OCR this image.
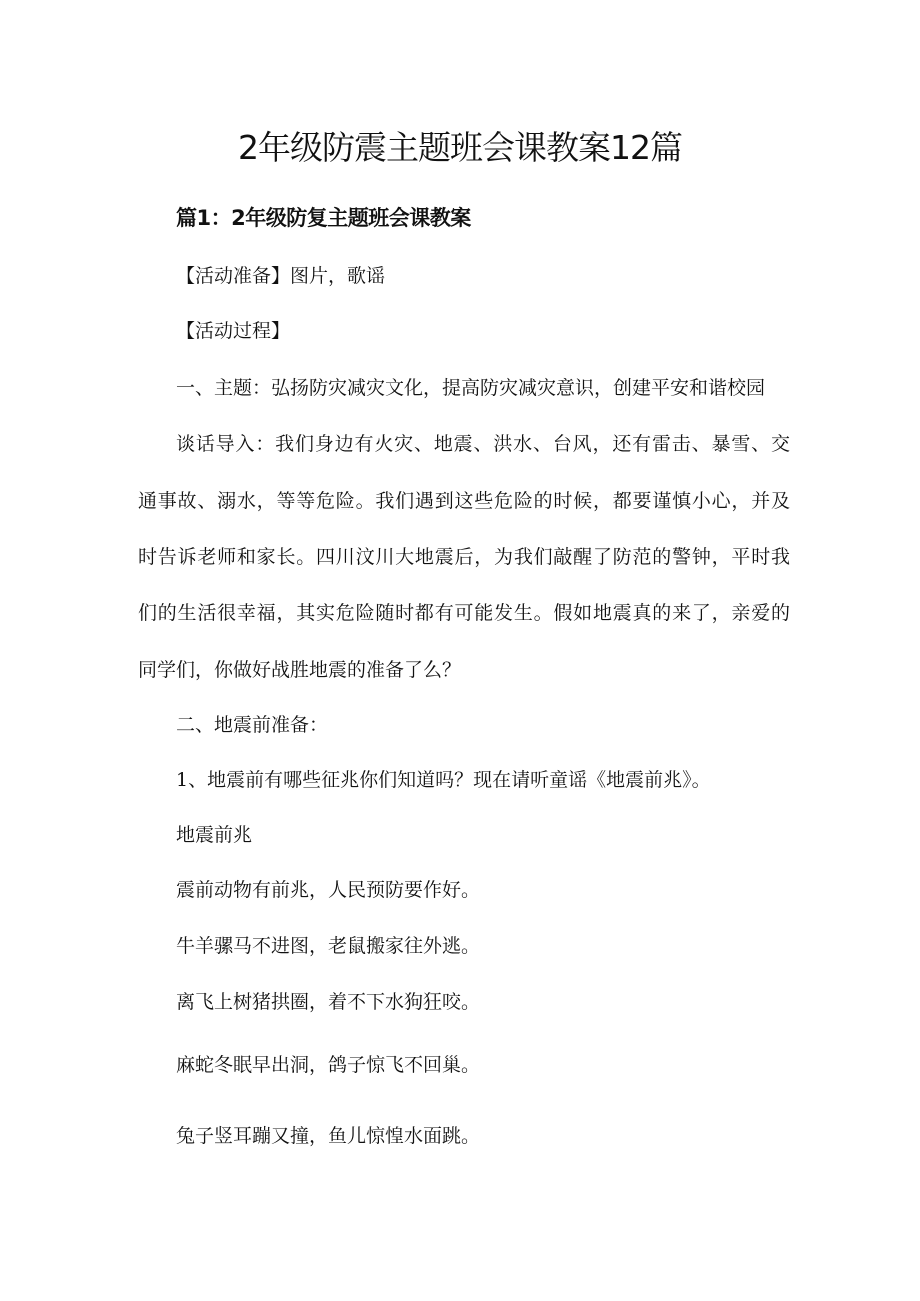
2年级防震主题班会课教案12篇
篇1：2年级防复主题班会课教案

【活动准备】图片，歌谣

【活动过程】

一、主题：弘扬防灾减灾文化，提高防灾减灾意识，创建平安和谐校园

谈话导入：我们身边有火灾、地震、洪水、台风，还有雷击、暴雪、交

通事故、溺水，等等危险。我们遇到这些危险的时候，都要谨慎小心，并及

时告诉老师和家长。四川汶川大地震后，为我们敲醒了防范的警钟，平时我

们的生活很幸福，其实危险随时都有可能发生。假如地震真的来了，亲爱的

同学们，你做好战胜地震的准备了么？

二、地震前准备：

1、地震前有哪些征兆你们知道吗？现在请听童谣《地震前兆》。

地震前兆

震前动物有前兆，人民预防要作好。

牛羊骡马不进图，老鼠搬家往外逃。

离飞上树猪拱圈，着不下水狗狂咬。

麻蛇冬眠早出洞，鸽子惊飞不回巢。

兔子竖耳蹦又撞，鱼儿惊惶水面跳。
